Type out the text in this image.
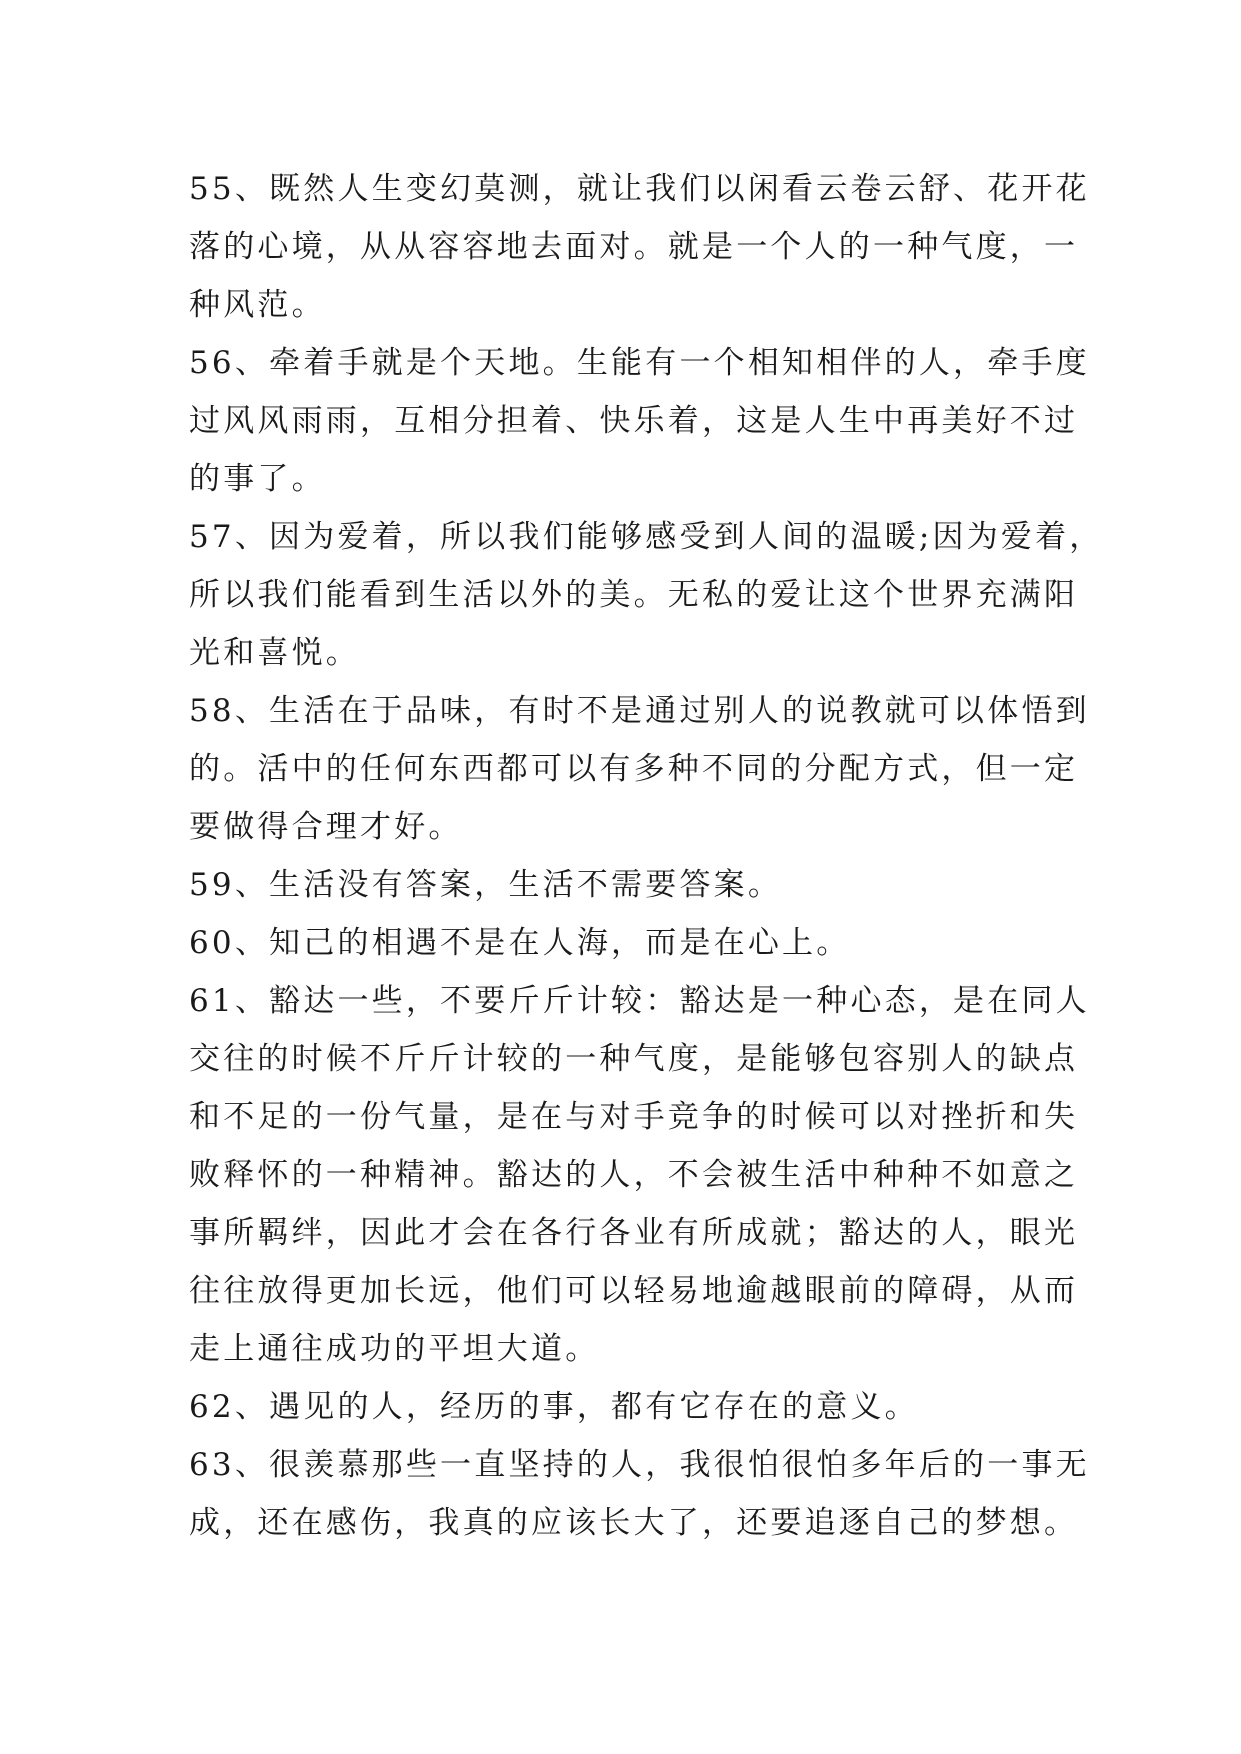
55、既然人生变幻莫测，就让我们以闲看云卷云舒、花开花
落的心境，从从容容地去面对。就是一个人的一种气度，一
种风范。
56、牵着手就是个天地。生能有一个相知相伴的人，牵手度
过风风雨雨，互相分担着、快乐着，这是人生中再美好不过
的事了。
57、因为爱着，所以我们能够感受到人间的温暖;因为爱着，
所以我们能看到生活以外的美。无私的爱让这个世界充满阳
光和喜悦。
58、生活在于品味，有时不是通过别人的说教就可以体悟到
的。活中的任何东西都可以有多种不同的分配方式，但一定
要做得合理才好。
59、生活没有答案，生活不需要答案。
60、知己的相遇不是在人海，而是在心上。
61、豁达一些，不要斤斤计较：豁达是一种心态，是在同人
交往的时候不斤斤计较的一种气度，是能够包容别人的缺点
和不足的一份气量，是在与对手竞争的时候可以对挫折和失
败释怀的一种精神。豁达的人，不会被生活中种种不如意之
事所羁绊，因此才会在各行各业有所成就；豁达的人，眼光
往往放得更加长远，他们可以轻易地逾越眼前的障碍，从而
走上通往成功的平坦大道。
62、遇见的人，经历的事，都有它存在的意义。
63、很羡慕那些一直坚持的人，我很怕很怕多年后的一事无
成，还在感伤，我真的应该长大了，还要追逐自己的梦想。
